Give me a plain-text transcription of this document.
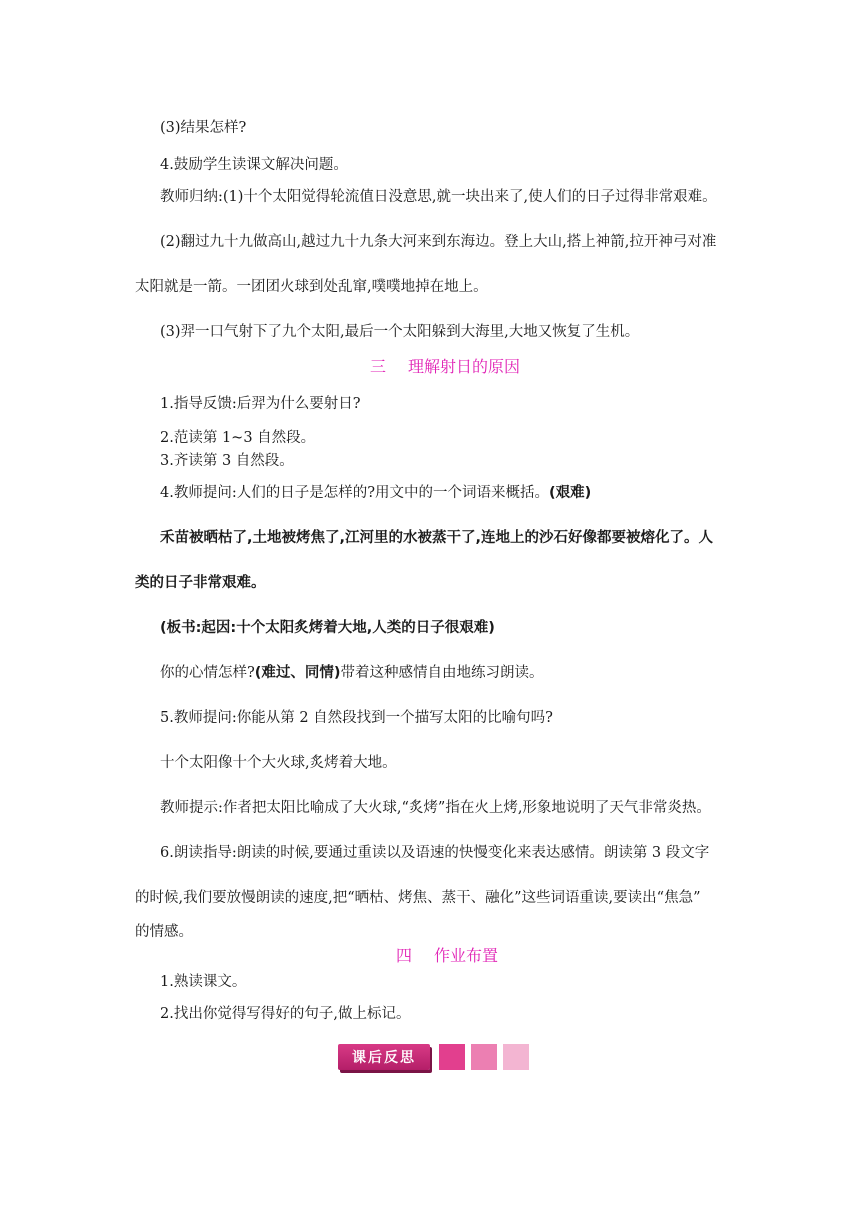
(3)结果怎样?
4.鼓励学生读课文解决问题。
教师归纳:(1)十个太阳觉得轮流值日没意思,就一块出来了,使人们的日子过得非常艰难。
(2)翻过九十九做高山,越过九十九条大河来到东海边。登上大山,搭上神箭,拉开神弓对准
太阳就是一箭。一团团火球到处乱窜,噗噗地掉在地上。
(3)羿一口气射下了九个太阳,最后一个太阳躲到大海里,大地又恢复了生机。
三 理解射日的原因
1.指导反馈:后羿为什么要射日?
2.范读第 1~3 自然段。
3.齐读第 3 自然段。
4.教师提问:人们的日子是怎样的?用文中的一个词语来概括。(艰难)
禾苗被晒枯了,土地被烤焦了,江河里的水被蒸干了,连地上的沙石好像都要被熔化了。人
类的日子非常艰难。
(板书:起因:十个太阳炙烤着大地,人类的日子很艰难)
你的心情怎样?(难过、同情)带着这种感情自由地练习朗读。
5.教师提问:你能从第 2 自然段找到一个描写太阳的比喻句吗?
十个太阳像十个大火球,炙烤着大地。
教师提示:作者把太阳比喻成了大火球,“炙烤”指在火上烤,形象地说明了天气非常炎热。
6.朗读指导:朗读的时候,要通过重读以及语速的快慢变化来表达感情。朗读第 3 段文字
的时候,我们要放慢朗读的速度,把“晒枯、烤焦、蒸干、融化”这些词语重读,要读出“焦急”
的情感。
四 作业布置
1.熟读课文。
2.找出你觉得写得好的句子,做上标记。
课后反思
